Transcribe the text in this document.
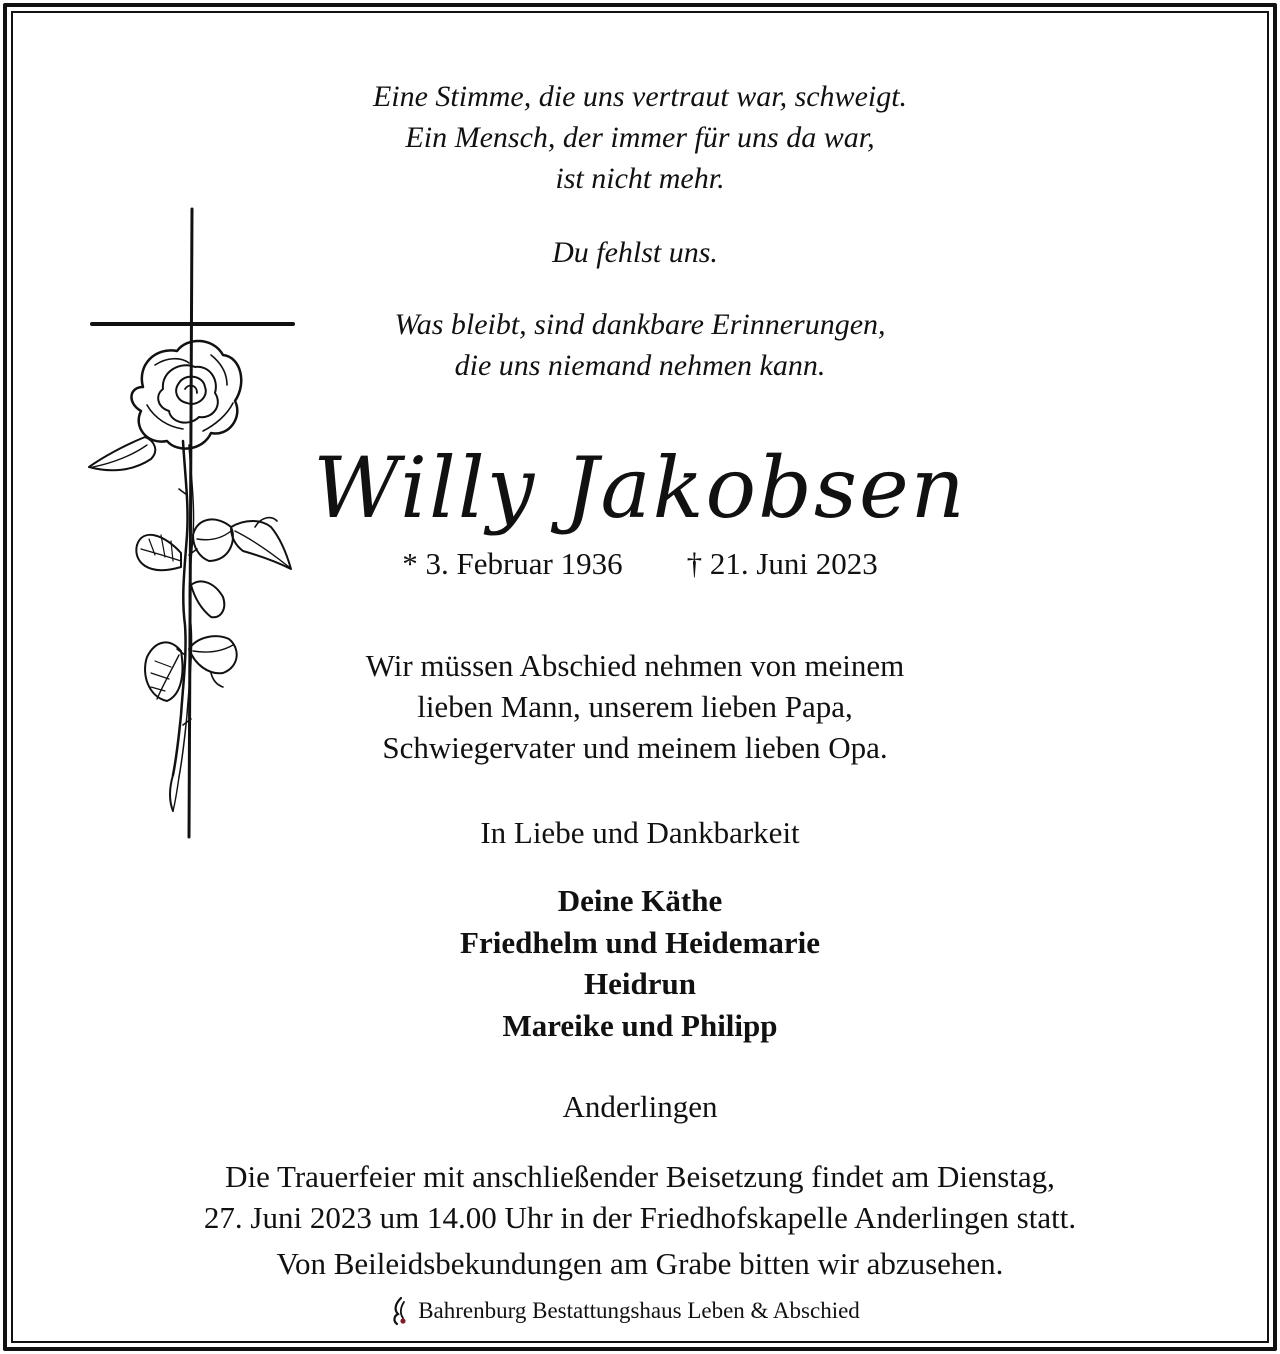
Eine Stimme, die uns vertraut war, schweigt.
Ein Mensch, der immer für uns da war,
ist nicht mehr.
Du fehlst uns.
Was bleibt, sind dankbare Erinnerungen,
die uns niemand nehmen kann.
Willy Jakobsen
* 3. Februar 1936 † 21. Juni 2023
Wir müssen Abschied nehmen von meinem
lieben Mann, unserem lieben Papa,
Schwiegervater und meinem lieben Opa.
In Liebe und Dankbarkeit
Deine Käthe
Friedhelm und Heidemarie
Heidrun
Mareike und Philipp
Anderlingen
Die Trauerfeier mit anschließender Beisetzung findet am Dienstag,
27. Juni 2023 um 14.00 Uhr in der Friedhofskapelle Anderlingen statt.
Von Beileidsbekundungen am Grabe bitten wir abzusehen.
Bahrenburg Bestattungshaus Leben & Abschied
